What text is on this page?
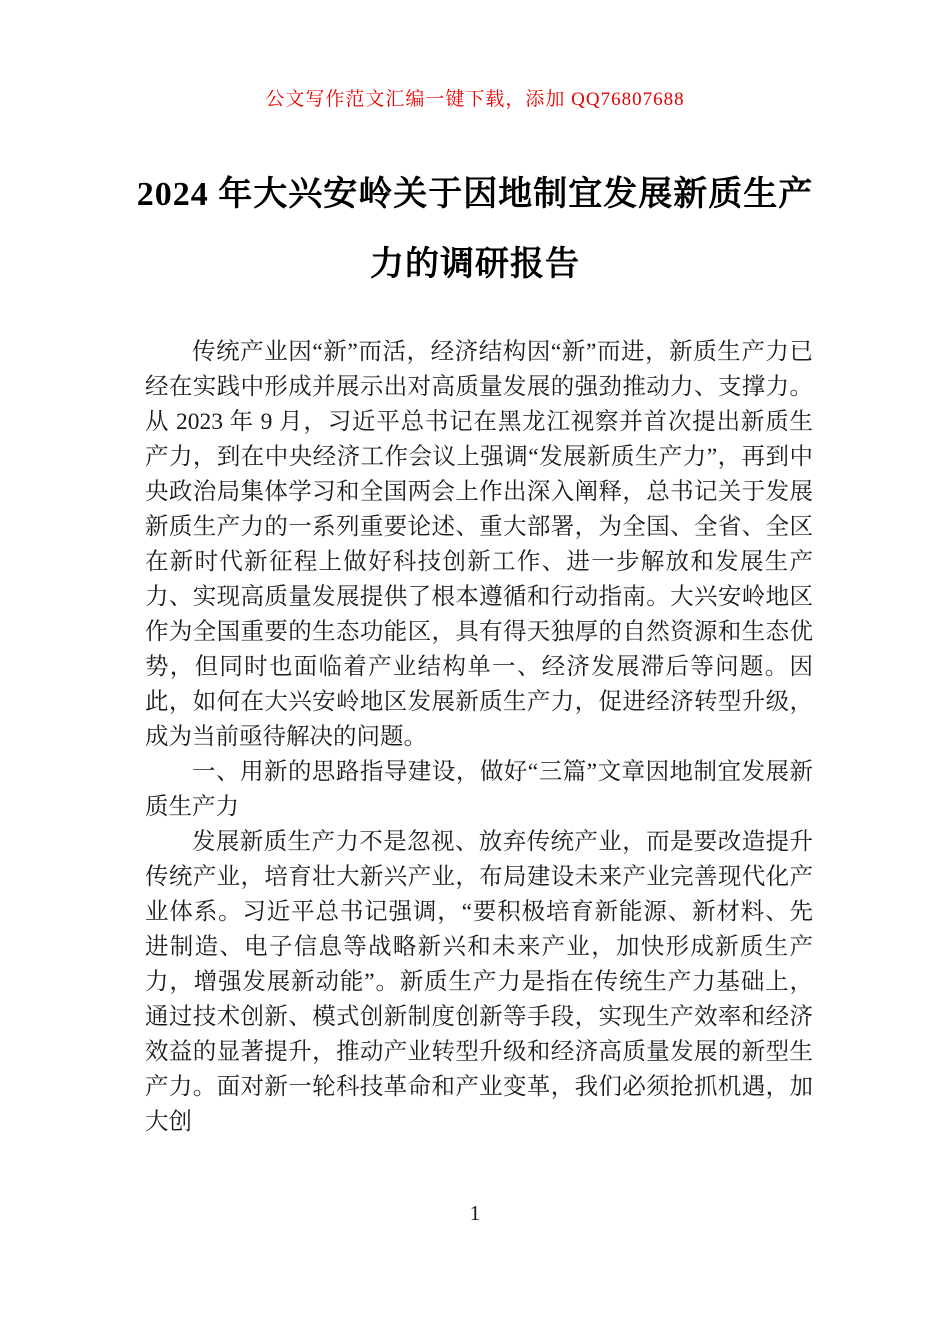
公文写作范文汇编一键下载，添加 QQ76807688
2024 年大兴安岭关于因地制宜发展新质生产力的调研报告

传统产业因“新”而活，经济结构因“新”而进，新质生产力已经在实践中形成并展示出对高质量发展的强劲推动力、支撑力。从 2023 年 9 月，习近平总书记在黑龙江视察并首次提出新质生产力，到在中央经济工作会议上强调“发展新质生产力”，再到中央政治局集体学习和全国两会上作出深入阐释，总书记关于发展新质生产力的一系列重要论述、重大部署，为全国、全省、全区在新时代新征程上做好科技创新工作、进一步解放和发展生产力、实现高质量发展提供了根本遵循和行动指南。大兴安岭地区作为全国重要的生态功能区，具有得天独厚的自然资源和生态优势，但同时也面临着产业结构单一、经济发展滞后等问题。因此，如何在大兴安岭地区发展新质生产力，促进经济转型升级，成为当前亟待解决的问题。

一、用新的思路指导建设，做好“三篇”文章因地制宜发展新质生产力

发展新质生产力不是忽视、放弃传统产业，而是要改造提升传统产业，培育壮大新兴产业，布局建设未来产业完善现代化产业体系。习近平总书记强调，“要积极培育新能源、新材料、先进制造、电子信息等战略新兴和未来产业，加快形成新质生产力，增强发展新动能”。新质生产力是指在传统生产力基础上，通过技术创新、模式创新制度创新等手段，实现生产效率和经济效益的显著提升，推动产业转型升级和经济高质量发展的新型生产力。面对新一轮科技革命和产业变革，我们必须抢抓机遇，加大创

1
